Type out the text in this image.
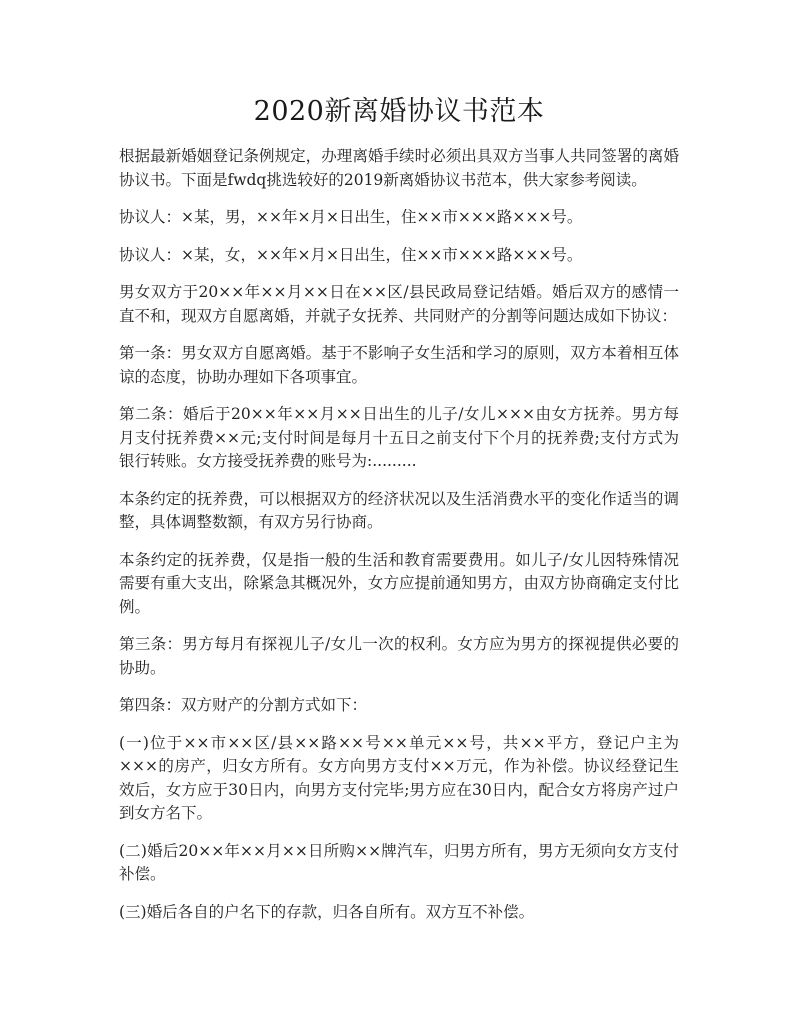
2020新离婚协议书范本

根据最新婚姻登记条例规定，办理离婚手续时必须出具双方当事人共同签署的离婚协议书。下面是fwdq挑选较好的2019新离婚协议书范本，供大家参考阅读。

协议人：×某，男，××年×月×日出生，住××市×××路×××号。

协议人：×某，女，××年×月×日出生，住××市×××路×××号。

男女双方于20××年××月××日在××区/县民政局登记结婚。婚后双方的感情一直不和，现双方自愿离婚，并就子女抚养、共同财产的分割等问题达成如下协议：

第一条：男女双方自愿离婚。基于不影响子女生活和学习的原则，双方本着相互体谅的态度，协助办理如下各项事宜。

第二条：婚后于20××年××月××日出生的儿子/女儿×××由女方抚养。男方每月支付抚养费××元;支付时间是每月十五日之前支付下个月的抚养费;支付方式为银行转账。女方接受抚养费的账号为:.........

本条约定的抚养费，可以根据双方的经济状况以及生活消费水平的变化作适当的调整，具体调整数额，有双方另行协商。

本条约定的抚养费，仅是指一般的生活和教育需要费用。如儿子/女儿因特殊情况需要有重大支出，除紧急其概况外，女方应提前通知男方，由双方协商确定支付比例。

第三条：男方每月有探视儿子/女儿一次的权利。女方应为男方的探视提供必要的协助。

第四条：双方财产的分割方式如下：

(一)位于××市××区/县××路××号××单元××号，共××平方，登记户主为×××的房产，归女方所有。女方向男方支付××万元，作为补偿。协议经登记生效后，女方应于30日内，向男方支付完毕;男方应在30日内，配合女方将房产过户到女方名下。

(二)婚后20××年××月××日所购××牌汽车，归男方所有，男方无须向女方支付补偿。

(三)婚后各自的户名下的存款，归各自所有。双方互不补偿。
